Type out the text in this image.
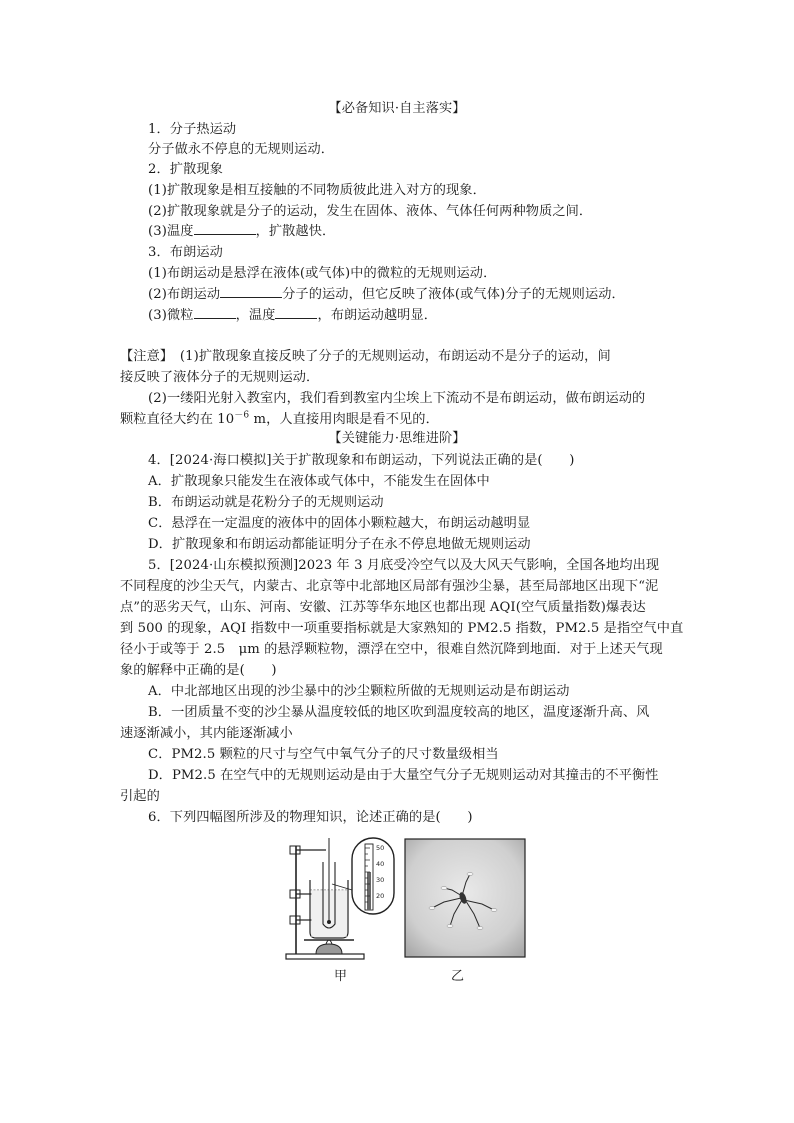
【必备知识·自主落实】
1．分子热运动
分子做永不停息的无规则运动．
2．扩散现象
(1)扩散现象是相互接触的不同物质彼此进入对方的现象．
(2)扩散现象就是分子的运动，发生在固体、液体、气体任何两种物质之间．
(3)温度	，扩散越快．
3．布朗运动
(1)布朗运动是悬浮在液体(或气体)中的微粒的无规则运动．
(2)布朗运动	分子的运动，但它反映了液体(或气体)分子的无规则运动．
(3)微粒	，温度	，布朗运动越明显．
【注意】　(1)扩散现象直接反映了分子的无规则运动，布朗运动不是分子的运动，间
接反映了液体分子的无规则运动．
(2)一缕阳光射入教室内，我们看到教室内尘埃上下流动不是布朗运动，做布朗运动的
颗粒直径大约在 $10^{-6}$ m，人直接用肉眼是看不见的．
【关键能力·思维进阶】
4．[2024·海口模拟]关于扩散现象和布朗运动，下列说法正确的是(　　)
A．扩散现象只能发生在液体或气体中，不能发生在固体中
B．布朗运动就是花粉分子的无规则运动
C．悬浮在一定温度的液体中的固体小颗粒越大，布朗运动越明显
D．扩散现象和布朗运动都能证明分子在永不停息地做无规则运动
5．[2024·山东模拟预测]2023 年 3 月底受冷空气以及大风天气影响，全国各地均出现
不同程度的沙尘天气，内蒙古、北京等中北部地区局部有强沙尘暴，甚至局部地区出现下“泥
点”的恶劣天气，山东、河南、安徽、江苏等华东地区也都出现 AQI(空气质量指数)爆表达
到 500 的现象，AQI 指数中一项重要指标就是大家熟知的 PM2.5 指数，PM2.5 是指空气中直
径小于或等于 2.5　μm 的悬浮颗粒物，漂浮在空中，很难自然沉降到地面．对于上述天气现
象的解释中正确的是(　　)
A．中北部地区出现的沙尘暴中的沙尘颗粒所做的无规则运动是布朗运动
B．一团质量不变的沙尘暴从温度较低的地区吹到温度较高的地区，温度逐渐升高、风
速逐渐减小，其内能逐渐减小
C．PM2.5 颗粒的尺寸与空气中氧气分子的尺寸数量级相当
D．PM2.5 在空气中的无规则运动是由于大量空气分子无规则运动对其撞击的不平衡性
引起的
6．下列四幅图所涉及的物理知识，论述正确的是(　　)
50
40
30
20
甲	乙
